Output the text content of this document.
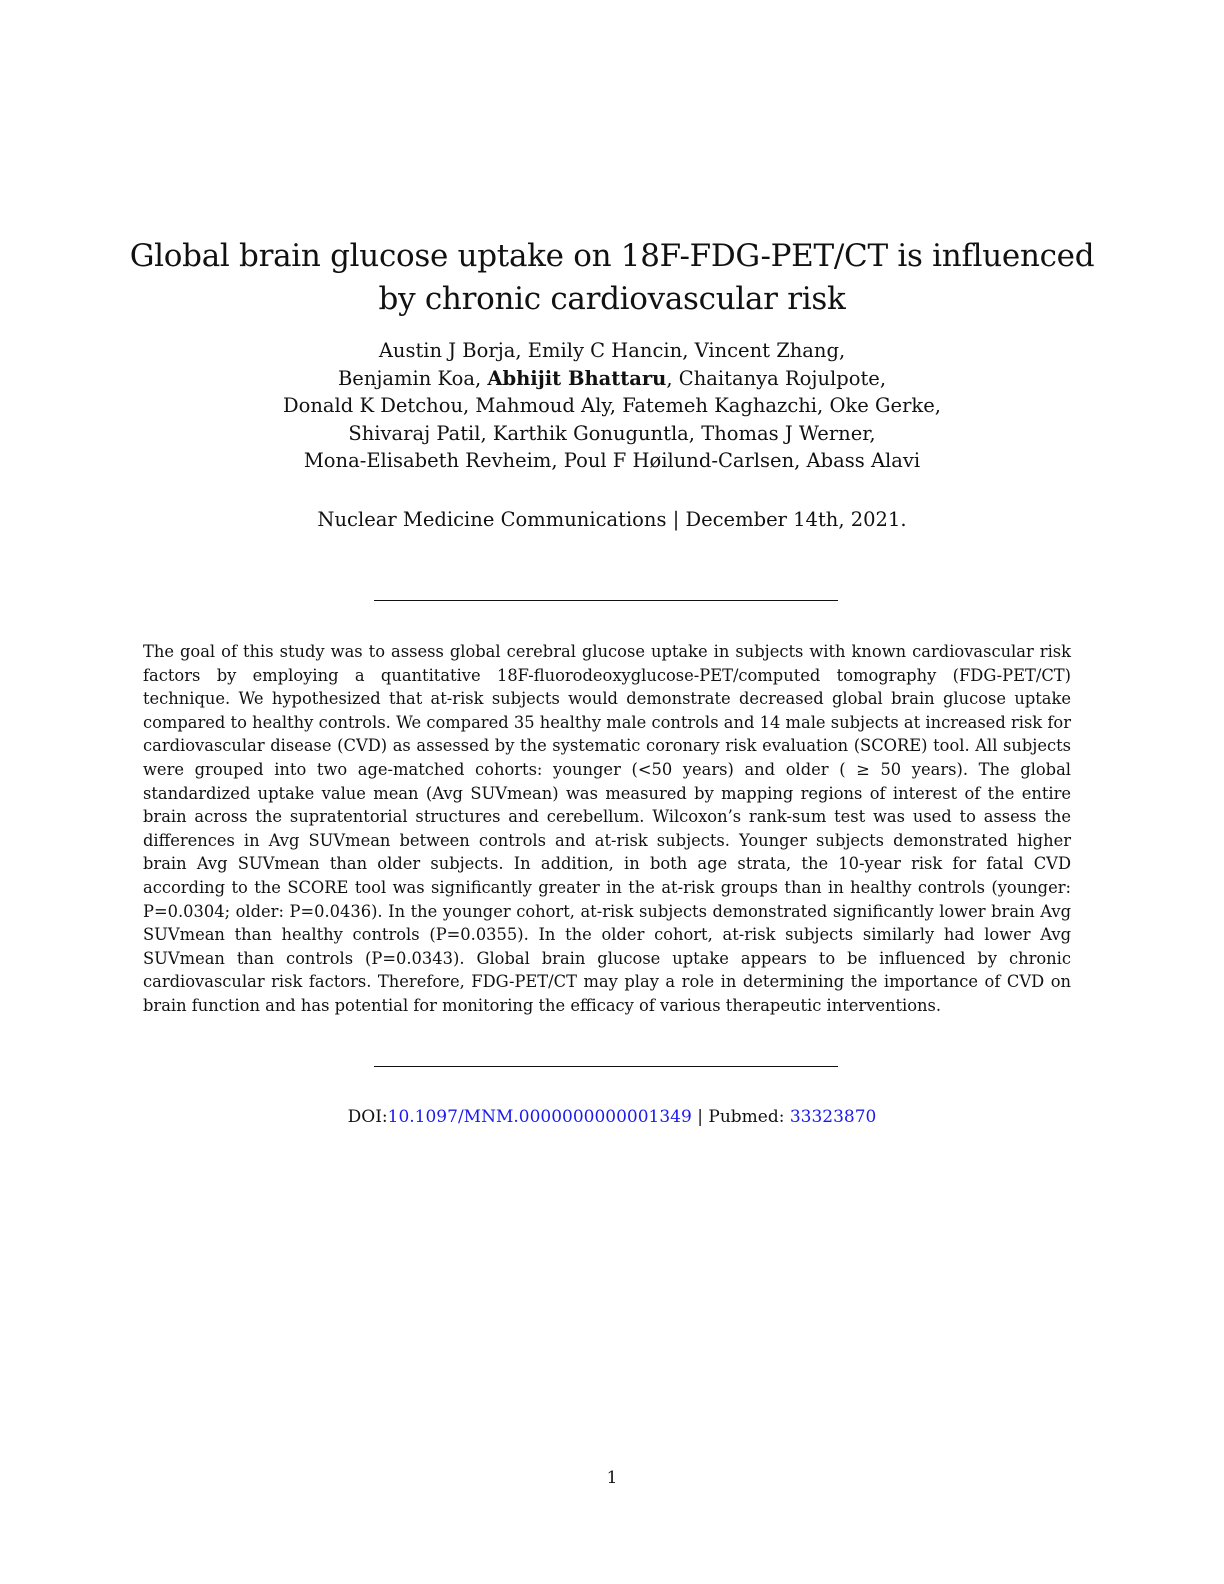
Global brain glucose uptake on 18F-FDG-PET/CT is influenced by chronic cardiovascular risk
Austin J Borja, Emily C Hancin, Vincent Zhang,
Benjamin Koa, Abhijit Bhattaru, Chaitanya Rojulpote,
Donald K Detchou, Mahmoud Aly, Fatemeh Kaghazchi, Oke Gerke,
Shivaraj Patil, Karthik Gonuguntla, Thomas J Werner,
Mona-Elisabeth Revheim, Poul F Høilund-Carlsen, Abass Alavi
Nuclear Medicine Communications | December 14th, 2021.

The goal of this study was to assess global cerebral glucose uptake in subjects with known cardiovascular risk factors by employing a quantitative 18F-fluorodeoxyglucose-PET/computed tomography (FDG-PET/CT) technique. We hypothesized that at-risk subjects would demonstrate decreased global brain glucose uptake compared to healthy controls. We compared 35 healthy male controls and 14 male subjects at increased risk for cardiovascular disease (CVD) as assessed by the systematic coronary risk evaluation (SCORE) tool. All subjects were grouped into two age-matched cohorts: younger (<50 years) and older ( ≥ 50 years). The global standardized uptake value mean (Avg SUVmean) was measured by mapping regions of interest of the entire brain across the supratentorial structures and cerebellum. Wilcoxon’s rank-sum test was used to assess the differences in Avg SUVmean between controls and at-risk subjects. Younger subjects demonstrated higher brain Avg SUVmean than older subjects. In addition, in both age strata, the 10-year risk for fatal CVD according to the SCORE tool was significantly greater in the at-risk groups than in healthy controls (younger: P=0.0304; older: P=0.0436). In the younger cohort, at-risk subjects demonstrated significantly lower brain Avg SUVmean than healthy controls (P=0.0355). In the older cohort, at-risk subjects similarly had lower Avg SUVmean than controls (P=0.0343). Global brain glucose uptake appears to be influenced by chronic cardiovascular risk factors. Therefore, FDG-PET/CT may play a role in determining the importance of CVD on brain function and has potential for monitoring the efficacy of various therapeutic interventions.

DOI:10.1097/MNM.0000000000001349 | Pubmed: 33323870
1
